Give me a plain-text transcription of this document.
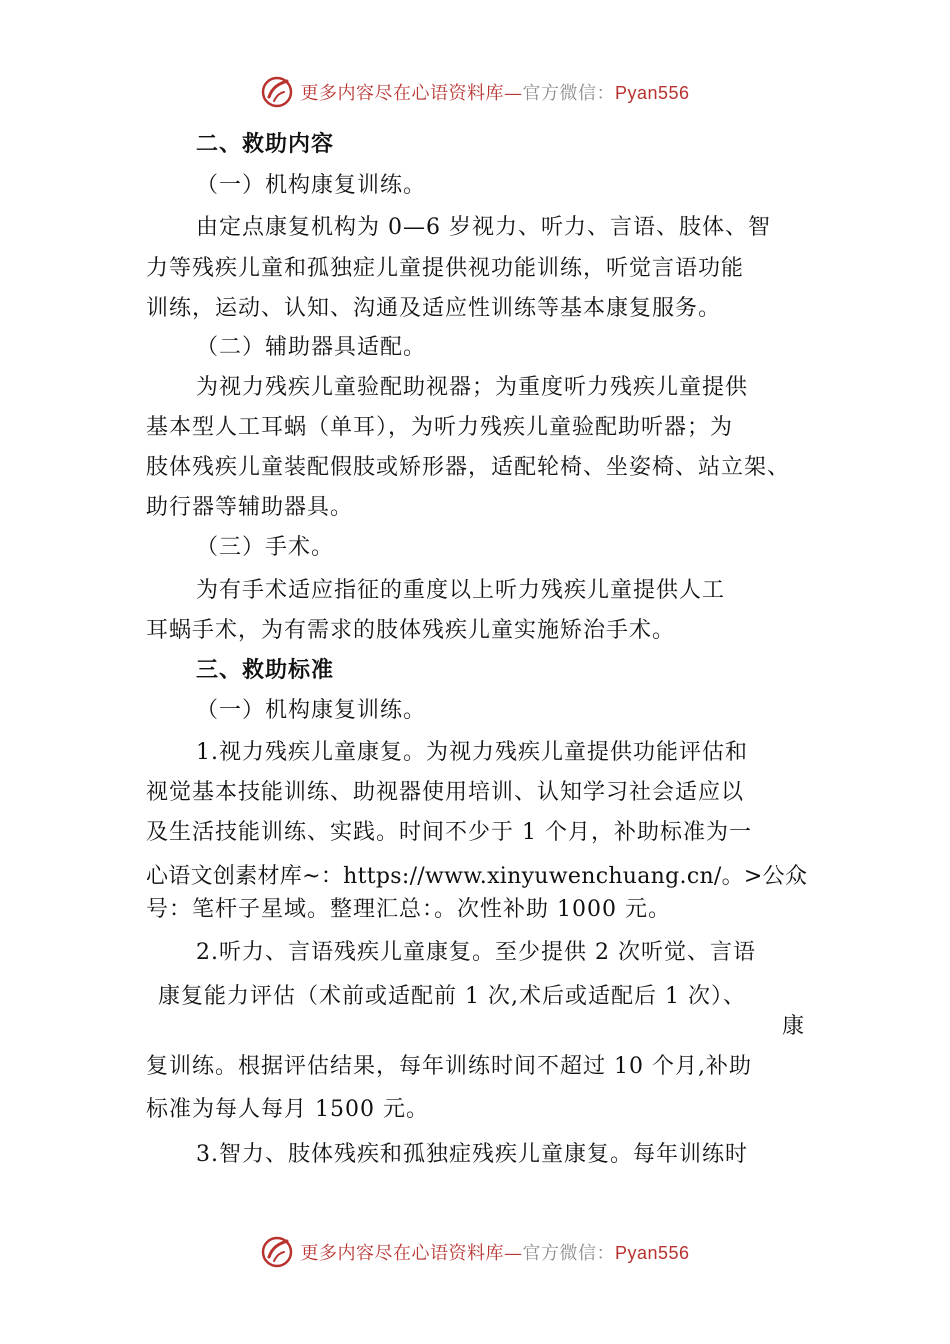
更多内容尽在心语资料库—官方微信：Pyan556
二、救助内容
（一）机构康复训练。
由定点康复机构为 0—6 岁视力、听力、言语、肢体、智
力等残疾儿童和孤独症儿童提供视功能训练，听觉言语功能
训练，运动、认知、沟通及适应性训练等基本康复服务。
（二）辅助器具适配。
为视力残疾儿童验配助视器；为重度听力残疾儿童提供
基本型人工耳蜗（单耳），为听力残疾儿童验配助听器；为
肢体残疾儿童装配假肢或矫形器，适配轮椅、坐姿椅、站立架、
助行器等辅助器具。
（三）手术。
为有手术适应指征的重度以上听力残疾儿童提供人工
耳蜗手术，为有需求的肢体残疾儿童实施矫治手术。
三、救助标准
（一）机构康复训练。
1.视力残疾儿童康复。为视力残疾儿童提供功能评估和
视觉基本技能训练、助视器使用培训、认知学习社会适应以
及生活技能训练、实践。时间不少于 1 个月，补助标准为一
心语文创素材库~：https://www.xinyuwenchuang.cn/。>公众
号：笔杆子星域。整理汇总：。次性补助 1000 元。
2.听力、言语残疾儿童康复。至少提供 2 次听觉、言语
康复能力评估（术前或适配前 1 次,术后或适配后 1 次）、
康
复训练。根据评估结果，每年训练时间不超过 10 个月,补助
标准为每人每月 1500 元。
3.智力、肢体残疾和孤独症残疾儿童康复。每年训练时
更多内容尽在心语资料库—官方微信：Pyan556
